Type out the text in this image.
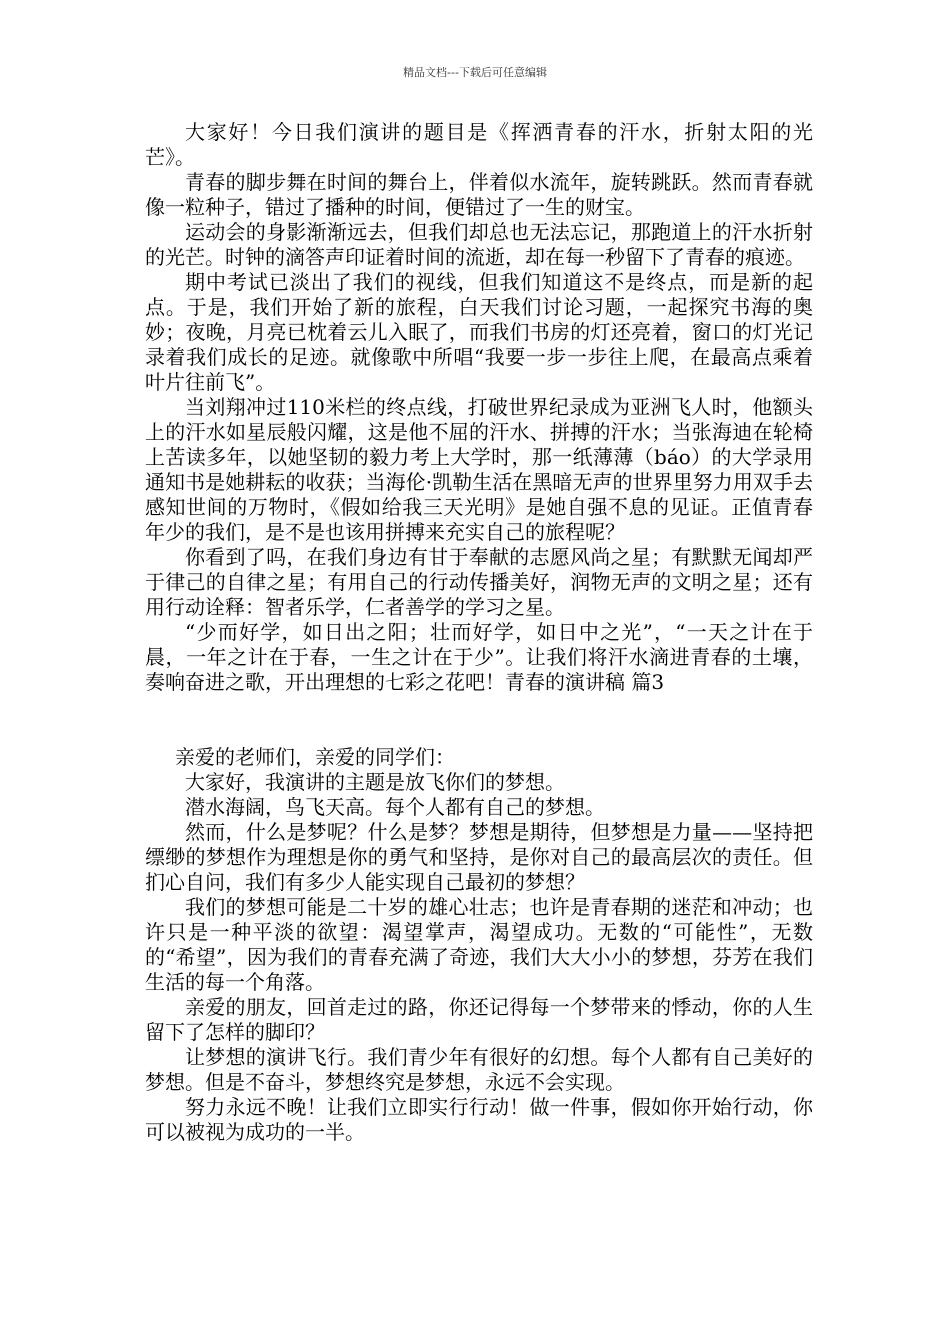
精品文档---下载后可任意编辑

大家好！今日我们演讲的题目是《挥洒青春的汗水，折射太阳的光芒》。

青春的脚步舞在时间的舞台上，伴着似水流年，旋转跳跃。然而青春就像一粒种子，错过了播种的时间，便错过了一生的财宝。

运动会的身影渐渐远去，但我们却总也无法忘记，那跑道上的汗水折射的光芒。时钟的滴答声印证着时间的流逝，却在每一秒留下了青春的痕迹。

期中考试已淡出了我们的视线，但我们知道这不是终点，而是新的起点。于是，我们开始了新的旅程，白天我们讨论习题，一起探究书海的奥妙；夜晚，月亮已枕着云儿入眠了，而我们书房的灯还亮着，窗口的灯光记录着我们成长的足迹。就像歌中所唱“我要一步一步往上爬，在最高点乘着叶片往前飞”。

当刘翔冲过110米栏的终点线，打破世界纪录成为亚洲飞人时，他额头上的汗水如星辰般闪耀，这是他不屈的汗水、拼搏的汗水；当张海迪在轮椅上苦读多年，以她坚韧的毅力考上大学时，那一纸薄薄（báo）的大学录用通知书是她耕耘的收获；当海伦·凯勒生活在黑暗无声的世界里努力用双手去感知世间的万物时，《假如给我三天光明》是她自强不息的见证。正值青春年少的我们，是不是也该用拼搏来充实自己的旅程呢？

你看到了吗，在我们身边有甘于奉献的志愿风尚之星；有默默无闻却严于律己的自律之星；有用自己的行动传播美好，润物无声的文明之星；还有用行动诠释：智者乐学，仁者善学的学习之星。

“少而好学，如日出之阳；壮而好学，如日中之光”，“一天之计在于晨，一年之计在于春，一生之计在于少”。让我们将汗水滴进青春的土壤，奏响奋进之歌，开出理想的七彩之花吧！青春的演讲稿 篇3

亲爱的老师们，亲爱的同学们：

大家好，我演讲的主题是放飞你们的梦想。

潜水海阔，鸟飞天高。每个人都有自己的梦想。

然而，什么是梦呢？什么是梦？梦想是期待，但梦想是力量——坚持把缥缈的梦想作为理想是你的勇气和坚持，是你对自己的最高层次的责任。但扪心自问，我们有多少人能实现自己最初的梦想？

我们的梦想可能是二十岁的雄心壮志；也许是青春期的迷茫和冲动；也许只是一种平淡的欲望：渴望掌声，渴望成功。无数的“可能性”，无数的“希望”，因为我们的青春充满了奇迹，我们大大小小的梦想，芬芳在我们生活的每一个角落。

亲爱的朋友，回首走过的路，你还记得每一个梦带来的悸动，你的人生留下了怎样的脚印？

让梦想的演讲飞行。我们青少年有很好的幻想。每个人都有自己美好的梦想。但是不奋斗，梦想终究是梦想，永远不会实现。

努力永远不晚！让我们立即实行行动！做一件事，假如你开始行动，你可以被视为成功的一半。
